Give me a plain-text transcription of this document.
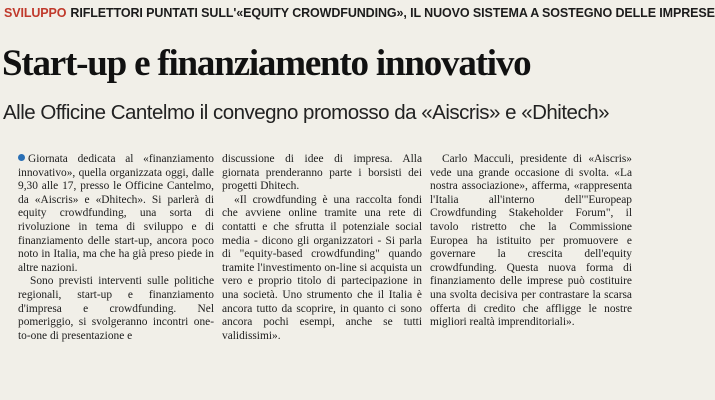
SVILUPPO RIFLETTORI PUNTATI SULL'«EQUITY CROWDFUNDING», IL NUOVO SISTEMA A SOSTEGNO DELLE IMPRESE
Start-up e finanziamento innovativo
Alle Officine Cantelmo il convegno promosso da «Aiscris» e «Dhitech»

Giornata dedicata al «finanziamento innovativo», quella organizzata oggi, dalle 9,30 alle 17, presso le Officine Cantelmo, da «Aiscris» e «Dhitech». Si parlerà di equity crowdfunding, una sorta di rivoluzione in tema di sviluppo e di finanziamento delle start-up, ancora poco noto in Italia, ma che ha già preso piede in altre nazioni.

Sono previsti interventi sulle politiche regionali, start-up e finanziamento d'impresa e crowdfunding. Nel pomeriggio, si svolgeranno incontri one-to-one di presentazione e

discussione di idee di impresa. Alla giornata prenderanno parte i borsisti dei progetti Dhitech.

«Il crowdfunding è una raccolta fondi che avviene online tramite una rete di contatti e che sfrutta il potenziale social media - dicono gli organizzatori - Si parla di "equity-based crowdfunding" quando tramite l'investimento on-line si acquista un vero e proprio titolo di partecipazione in una società. Uno strumento che il Italia è ancora tutto da scoprire, in quanto ci sono ancora pochi esempi, anche se tutti validissimi».

Carlo Macculi, presidente di «Aiscris» vede una grande occasione di svolta. «La nostra associazione», afferma, «rappresenta l'Italia all'interno dell'"Europeap Crowdfunding Stakeholder Forum", il tavolo ristretto che la Commissione Europea ha istituito per promuovere e governare la crescita dell'equity crowdfunding. Questa nuova forma di finanziamento delle imprese può costituire una svolta decisiva per contrastare la scarsa offerta di credito che affligge le nostre migliori realtà imprenditoriali».
